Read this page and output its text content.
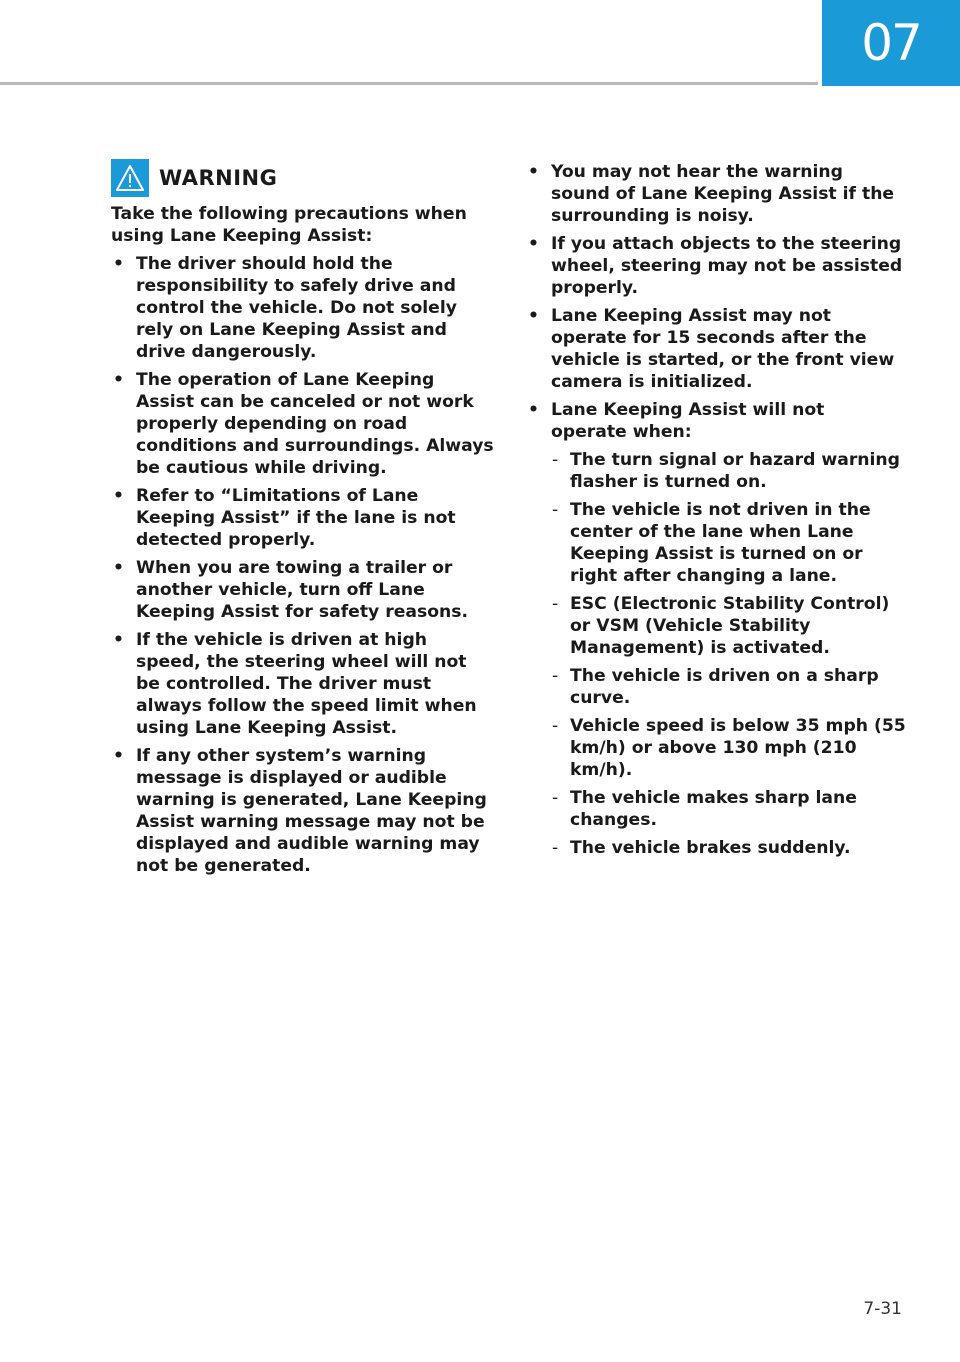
07
WARNING
Take the following precautions when using Lane Keeping Assist:
• The driver should hold the responsibility to safely drive and control the vehicle. Do not solely rely on Lane Keeping Assist and drive dangerously.
• The operation of Lane Keeping Assist can be canceled or not work properly depending on road conditions and surroundings. Always be cautious while driving.
• Refer to “Limitations of Lane Keeping Assist” if the lane is not detected properly.
• When you are towing a trailer or another vehicle, turn off Lane Keeping Assist for safety reasons.
• If the vehicle is driven at high speed, the steering wheel will not be controlled. The driver must always follow the speed limit when using Lane Keeping Assist.
• If any other system’s warning message is displayed or audible warning is generated, Lane Keeping Assist warning message may not be displayed and audible warning may not be generated.
• You may not hear the warning sound of Lane Keeping Assist if the surrounding is noisy.
• If you attach objects to the steering wheel, steering may not be assisted properly.
• Lane Keeping Assist may not operate for 15 seconds after the vehicle is started, or the front view camera is initialized.
• Lane Keeping Assist will not operate when:
- The turn signal or hazard warning flasher is turned on.
- The vehicle is not driven in the center of the lane when Lane Keeping Assist is turned on or right after changing a lane.
- ESC (Electronic Stability Control) or VSM (Vehicle Stability Management) is activated.
- The vehicle is driven on a sharp curve.
- Vehicle speed is below 35 mph (55 km/h) or above 130 mph (210 km/h).
- The vehicle makes sharp lane changes.
- The vehicle brakes suddenly.
7-31
